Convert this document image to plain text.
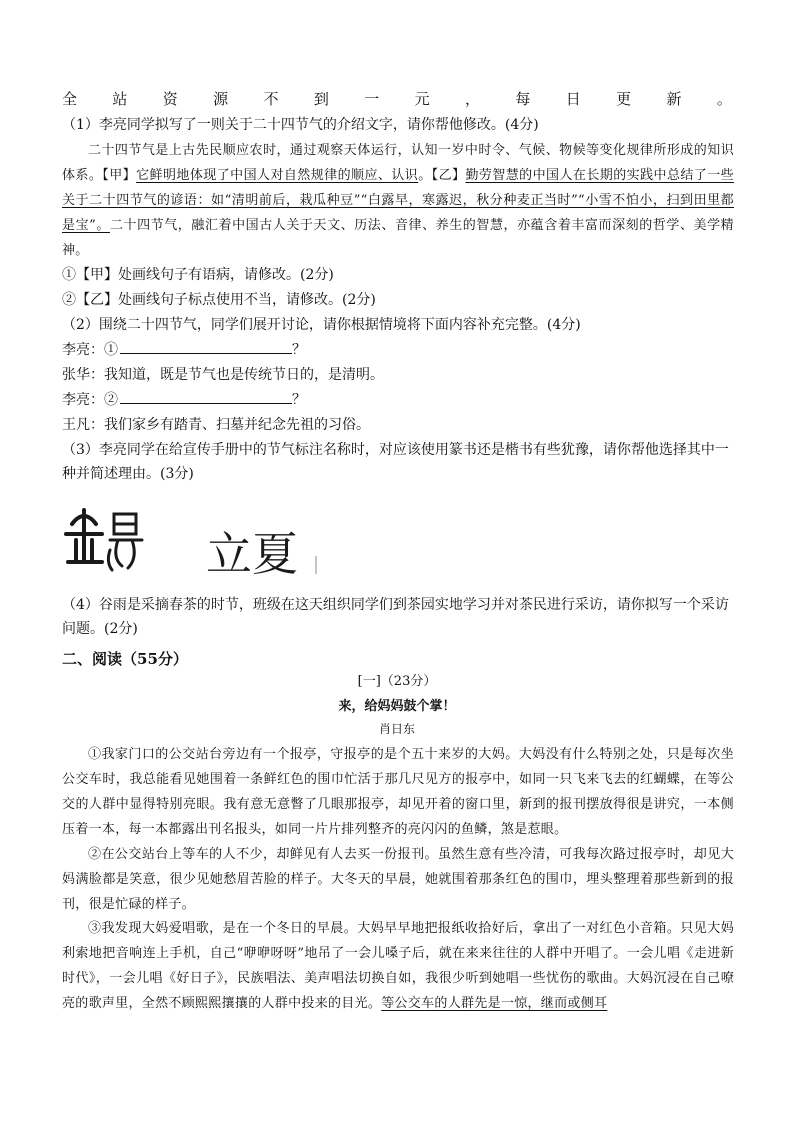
全 站 资 源 不 到 一 元 ， 每 日 更 新 。
（1）李亮同学拟写了一则关于二十四节气的介绍文字，请你帮他修改。(4分)
二十四节气是上古先民顺应农时，通过观察天体运行，认知一岁中时令、气候、物候等变化规律所形成的知识体系。【甲】它鲜明地体现了中国人对自然规律的顺应、认识。【乙】勤劳智慧的中国人在长期的实践中总结了一些关于二十四节气的谚语：如“清明前后，栽瓜种豆”“白露早，寒露迟，秋分种麦正当时”“小雪不怕小，扫到田里都是宝”。二十四节气，融汇着中国古人关于天文、历法、音律、养生的智慧，亦蕴含着丰富而深刻的哲学、美学精神。
①【甲】处画线句子有语病，请修改。(2分)
②【乙】处画线句子标点使用不当，请修改。(2分)
（2）围绕二十四节气，同学们展开讨论，请你根据情境将下面内容补充完整。(4分)
李亮：①	？
张华：我知道，既是节气也是传统节日的，是清明。
李亮：②	？
王凡：我们家乡有踏青、扫墓并纪念先祖的习俗。
（3）李亮同学在给宣传手册中的节气标注名称时，对应该使用篆书还是楷书有些犹豫，请你帮他选择其中一种并简述理由。(3分)
立夏
（4）谷雨是采摘春茶的时节，班级在这天组织同学们到茶园实地学习并对茶民进行采访，请你拟写一个采访问题。(2分)
二、阅读（55分）
[一]（23分）
来，给妈妈鼓个掌！
肖日东
①我家门口的公交站台旁边有一个报亭，守报亭的是个五十来岁的大妈。大妈没有什么特别之处，只是每次坐公交车时，我总能看见她围着一条鲜红色的围巾忙活于那几尺见方的报亭中，如同一只飞来飞去的红蝴蝶，在等公交的人群中显得特别亮眼。我有意无意瞥了几眼那报亭，却见开着的窗口里，新到的报刊摆放得很是讲究，一本侧压着一本，每一本都露出刊名报头，如同一片片排列整齐的亮闪闪的鱼鳞，煞是惹眼。
②在公交站台上等车的人不少，却鲜见有人去买一份报刊。虽然生意有些冷清，可我每次路过报亭时，却见大妈满脸都是笑意，很少见她愁眉苦脸的样子。大冬天的早晨，她就围着那条红色的围巾，埋头整理着那些新到的报刊，很是忙碌的样子。
③我发现大妈爱唱歌，是在一个冬日的早晨。大妈早早地把报纸收拾好后，拿出了一对红色小音箱。只见大妈利索地把音响连上手机，自己“咿咿呀呀”地吊了一会儿嗓子后，就在来来往往的人群中开唱了。一会儿唱《走进新时代》，一会儿唱《好日子》，民族唱法、美声唱法切换自如，我很少听到她唱一些忧伤的歌曲。大妈沉浸在自己嘹亮的歌声里，全然不顾熙熙攘攘的人群中投来的目光。等公交车的人群先是一惊，继而或侧耳
